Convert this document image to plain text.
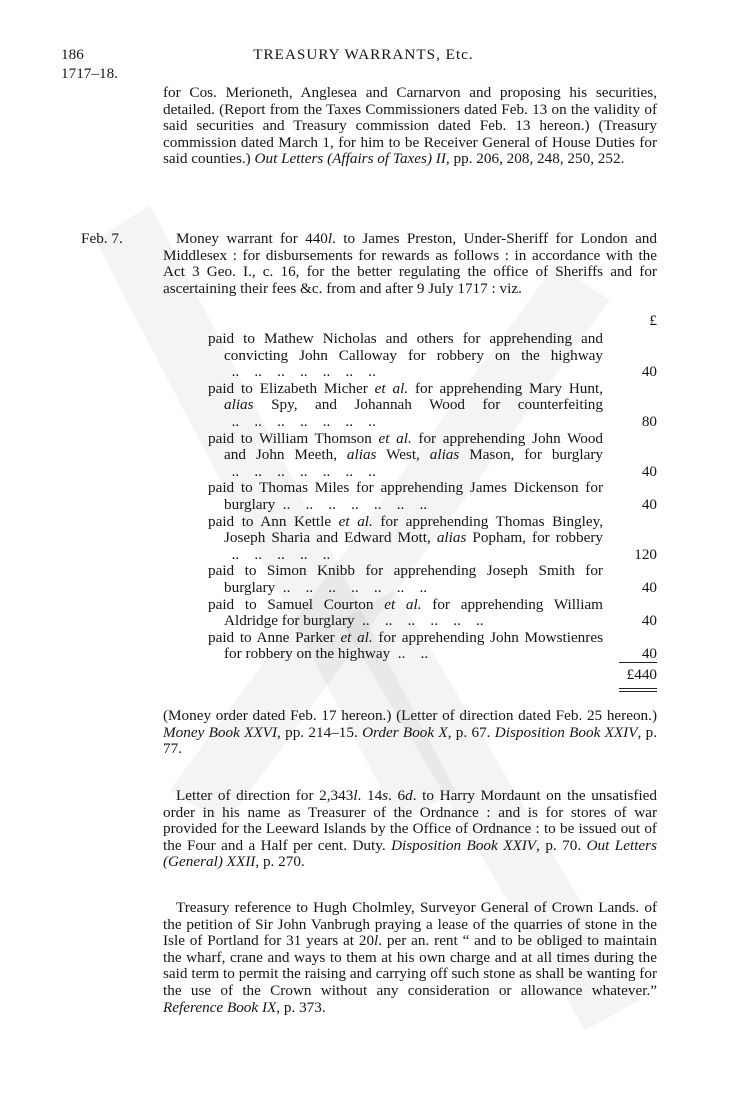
186	TREASURY WARRANTS, Etc.
1717–18.
for Cos. Merioneth, Anglesea and Carnarvon and proposing his securities, detailed. (Report from the Taxes Commissioners dated Feb. 13 on the validity of said securities and Treasury commission dated Feb. 13 hereon.) (Treasury commission dated March 1, for him to be Receiver General of House Duties for said counties.) Out Letters (Affairs of Taxes) II, pp. 206, 208, 248, 250, 252.
Feb. 7.	Money warrant for 440l. to James Preston, Under-Sheriff for London and Middlesex : for disbursements for rewards as follows : in accordance with the Act 3 Geo. I., c. 16, for the better regulating the office of Sheriffs and for ascertaining their fees &c. from and after 9 July 1717 : viz.
£
paid to Mathew Nicholas and others for apprehending and convicting John Calloway for robbery on the highway  ..    ..    ..    ..    ..    ..    ..	40
paid to Elizabeth Micher et al. for apprehending Mary Hunt, alias Spy, and Johannah Wood for counterfeiting  ..    ..    ..    ..    ..    ..    ..	80
paid to William Thomson et al. for apprehending John Wood and John Meeth, alias West, alias Mason, for burglary  ..    ..    ..    ..    ..    ..    ..	40
paid to Thomas Miles for apprehending James Dickenson for burglary  ..    ..    ..    ..    ..    ..    ..	40
paid to Ann Kettle et al. for apprehending Thomas Bingley, Joseph Sharia and Edward Mott, alias Popham, for robbery  ..    ..    ..    ..    ..	120
paid to Simon Knibb for apprehending Joseph Smith for burglary  ..    ..    ..    ..    ..    ..    ..	40
paid to Samuel Courton et al. for apprehending William Aldridge for burglary  ..    ..    ..    ..    ..    ..	40
paid to Anne Parker et al. for apprehending John Mowstienres for robbery on the highway  ..    ..	40
£440
(Money order dated Feb. 17 hereon.) (Letter of direction dated Feb. 25 hereon.) Money Book XXVI, pp. 214–15. Order Book X, p. 67. Disposition Book XXIV, p. 77.
Letter of direction for 2,343l. 14s. 6d. to Harry Mordaunt on the unsatisfied order in his name as Treasurer of the Ordnance : and is for stores of war provided for the Leeward Islands by the Office of Ordnance : to be issued out of the Four and a Half per cent. Duty. Disposition Book XXIV, p. 70. Out Letters (General) XXII, p. 270.
Treasury reference to Hugh Cholmley, Surveyor General of Crown Lands. of the petition of Sir John Vanbrugh praying a lease of the quarries of stone in the Isle of Portland for 31 years at 20l. per an. rent “ and to be obliged to maintain the wharf, crane and ways to them at his own charge and at all times during the said term to permit the raising and carrying off such stone as shall be wanting for the use of the Crown without any consideration or allowance whatever.” Reference Book IX, p. 373.
